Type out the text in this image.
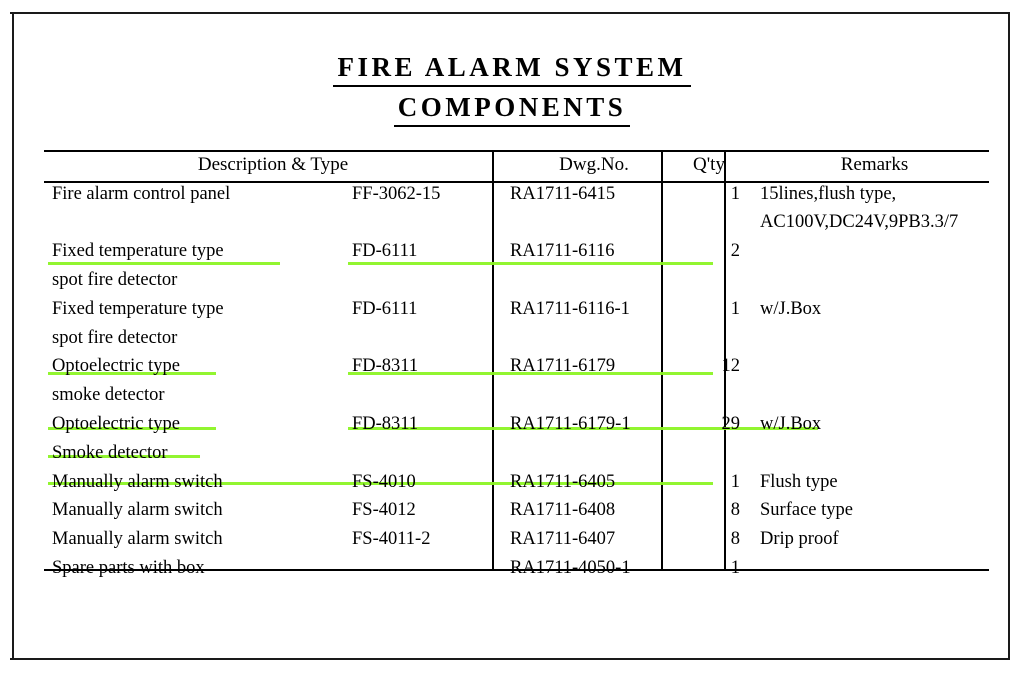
FIRE ALARM SYSTEM
COMPONENTS
Description & Type		Dwg.No.	Q'ty	Remarks
Fire alarm control panel	FF-3062-15	RA1711-6415	1	15lines,flush type,
				AC100V,DC24V,9PB3.3/7
Fixed temperature type	FD-6111	RA1711-6116	2	
spot fire detector				
Fixed temperature type	FD-6111	RA1711-6116-1	1	w/J.Box
spot fire detector				
Optoelectric type	FD-8311	RA1711-6179	12	
smoke detector				
Optoelectric type	FD-8311	RA1711-6179-1	29	w/J.Box
Smoke detector				
Manually alarm switch	FS-4010	RA1711-6405	1	Flush type
Manually alarm switch	FS-4012	RA1711-6408	8	Surface type
Manually alarm switch	FS-4011-2	RA1711-6407	8	Drip proof
Spare parts with box		RA1711-4050-1	1	
